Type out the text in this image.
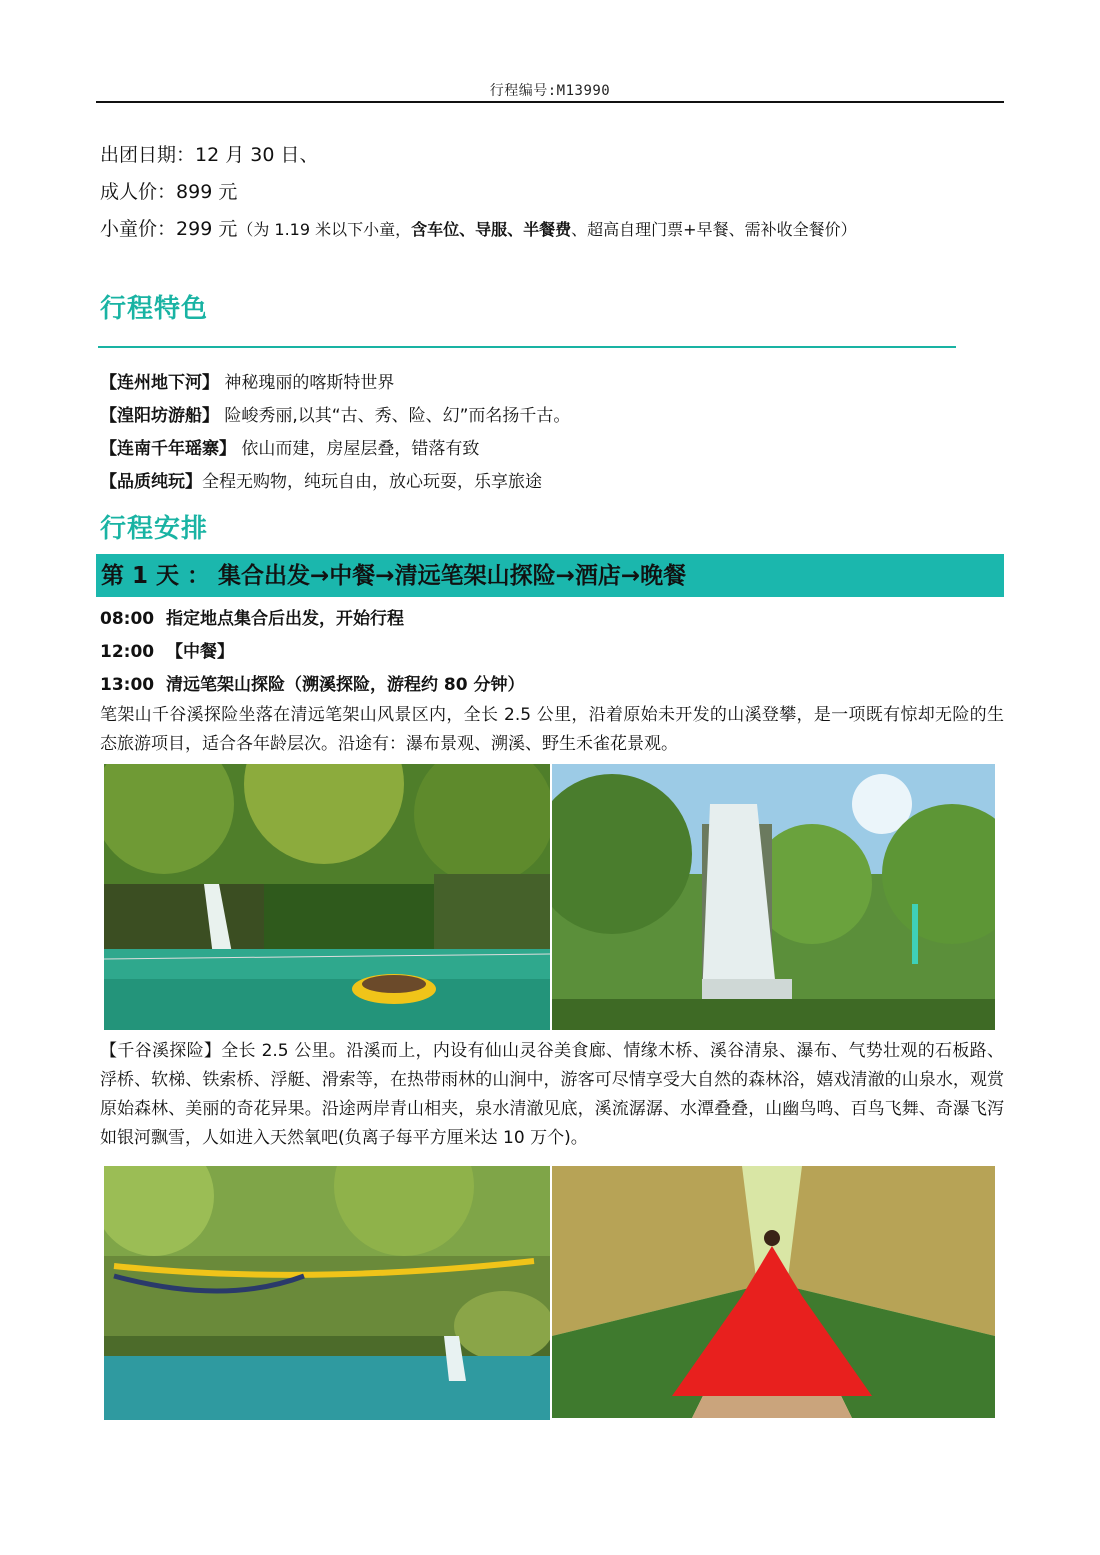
行程编号:M13990
出团日期：12 月 30 日、
成人价：899 元
小童价：299 元（为 1.19 米以下小童，含车位、导服、半餐费、超高自理门票+早餐、需补收全餐价）
行程特色
【连州地下河】 神秘瑰丽的喀斯特世界
【湟阳坊游船】 险峻秀丽,以其“古、秀、险、幻”而名扬千古。
【连南千年瑶寨】 依山而建，房屋层叠，错落有致
【品质纯玩】全程无购物，纯玩自由，放心玩耍，乐享旅途
行程安排
第 1 天 ： 集合出发→中餐→清远笔架山探险→酒店→晚餐
08:00 指定地点集合后出发，开始行程
12:00 【中餐】
13:00 清远笔架山探险（溯溪探险，游程约 80 分钟）

笔架山千谷溪探险坐落在清远笔架山风景区内，全长 2.5 公里，沿着原始未开发的山溪登攀，是一项既有惊却无险的生态旅游项目，适合各年龄层次。沿途有：瀑布景观、溯溪、野生禾雀花景观。

【千谷溪探险】全长 2.5 公里。沿溪而上，内设有仙山灵谷美食廊、情缘木桥、溪谷清泉、瀑布、气势壮观的石板路、浮桥、软梯、铁索桥、浮艇、滑索等，在热带雨林的山涧中，游客可尽情享受大自然的森林浴，嬉戏清澈的山泉水，观赏原始森林、美丽的奇花异果。沿途两岸青山相夹，泉水清澈见底，溪流潺潺、水潭叠叠，山幽鸟鸣、百鸟飞舞、奇瀑飞泻如银河飘雪，人如进入天然氧吧(负离子每平方厘米达 10 万个)。
